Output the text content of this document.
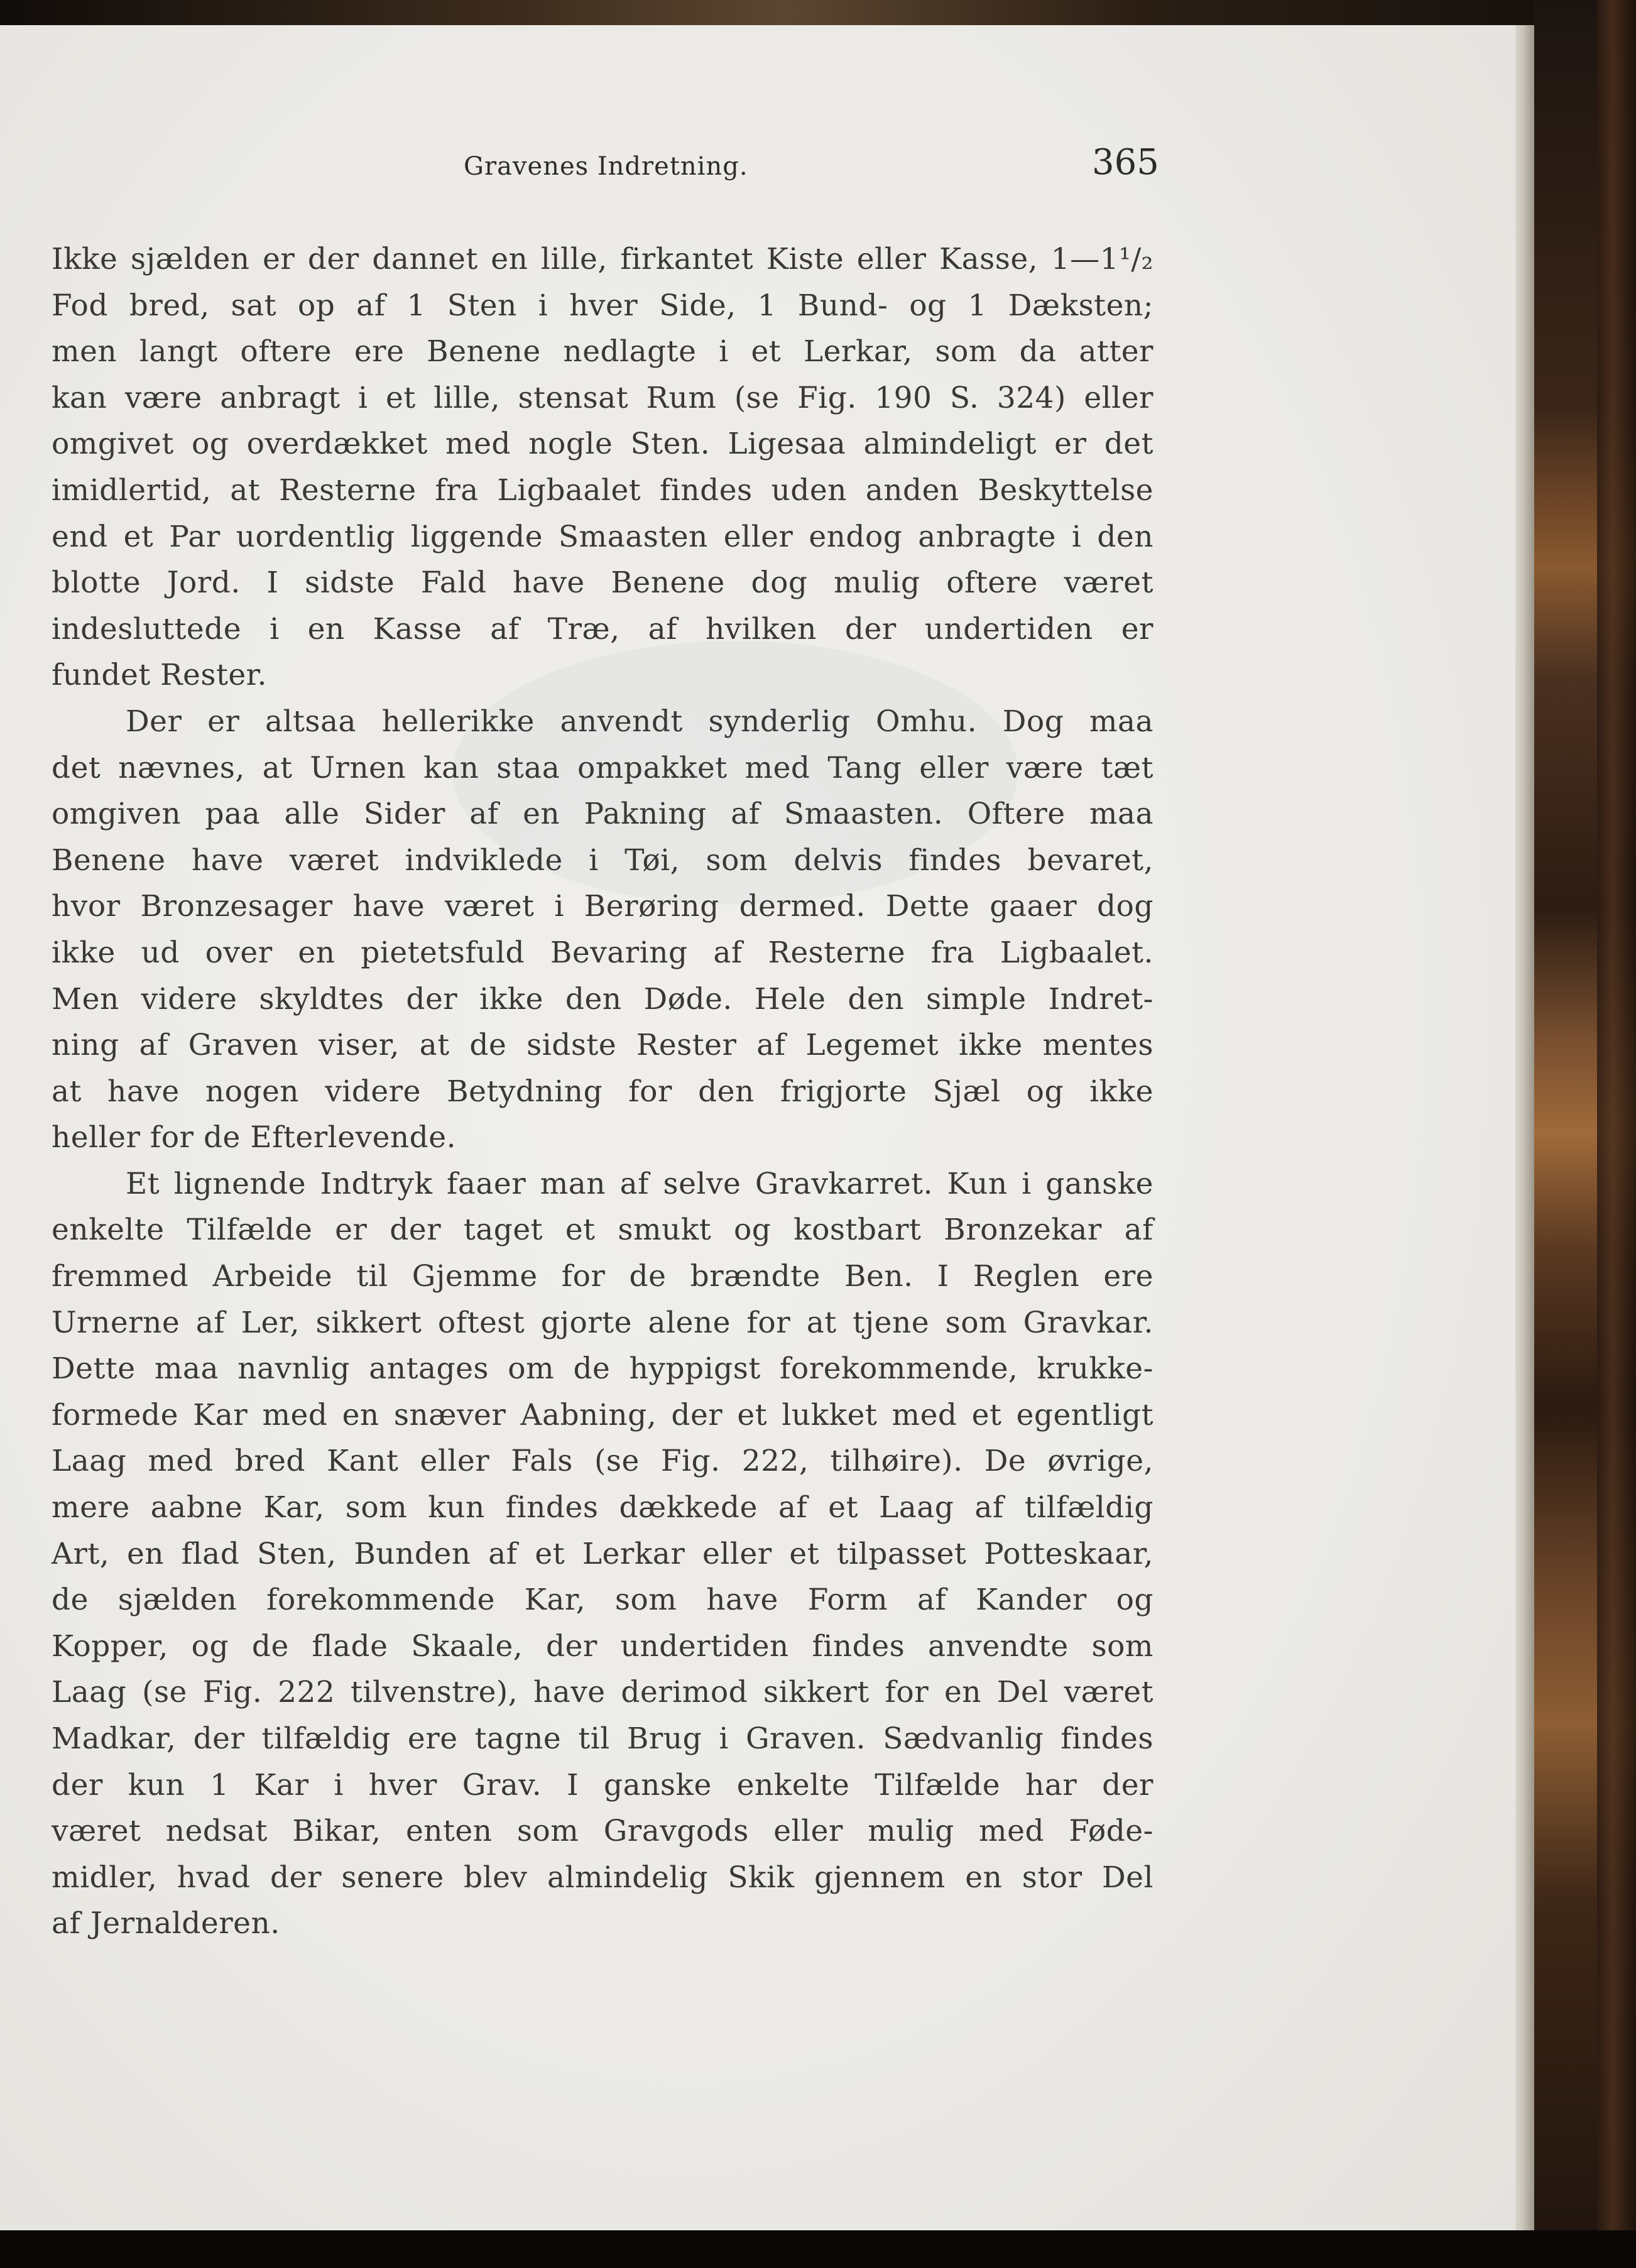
Gravenes Indretning.	365
Ikke sjælden er der dannet en lille, firkantet Kiste eller Kasse, 1—1¹/₂
Fod bred, sat op af 1 Sten i hver Side, 1 Bund- og 1 Dæksten;
men langt oftere ere Benene nedlagte i et Lerkar, som da atter
kan være anbragt i et lille, stensat Rum (se Fig. 190 S. 324) eller
omgivet og overdækket med nogle Sten. Ligesaa almindeligt er det
imidlertid, at Resterne fra Ligbaalet findes uden anden Beskyttelse
end et Par uordentlig liggende Smaasten eller endog anbragte i den
blotte Jord. I sidste Fald have Benene dog mulig oftere været
indesluttede i en Kasse af Træ, af hvilken der undertiden er
fundet Rester.
Der er altsaa hellerikke anvendt synderlig Omhu. Dog maa
det nævnes, at Urnen kan staa ompakket med Tang eller være tæt
omgiven paa alle Sider af en Pakning af Smaasten. Oftere maa
Benene have været indviklede i Tøi, som delvis findes bevaret,
hvor Bronzesager have været i Berøring dermed. Dette gaaer dog
ikke ud over en pietetsfuld Bevaring af Resterne fra Ligbaalet.
Men videre skyldtes der ikke den Døde. Hele den simple Indret-
ning af Graven viser, at de sidste Rester af Legemet ikke mentes
at have nogen videre Betydning for den frigjorte Sjæl og ikke
heller for de Efterlevende.
Et lignende Indtryk faaer man af selve Gravkarret. Kun i ganske
enkelte Tilfælde er der taget et smukt og kostbart Bronzekar af
fremmed Arbeide til Gjemme for de brændte Ben. I Reglen ere
Urnerne af Ler, sikkert oftest gjorte alene for at tjene som Gravkar.
Dette maa navnlig antages om de hyppigst forekommende, krukke-
formede Kar med en snæver Aabning, der et lukket med et egentligt
Laag med bred Kant eller Fals (se Fig. 222, tilhøire). De øvrige,
mere aabne Kar, som kun findes dækkede af et Laag af tilfældig
Art, en flad Sten, Bunden af et Lerkar eller et tilpasset Potteskaar,
de sjælden forekommende Kar, som have Form af Kander og
Kopper, og de flade Skaale, der undertiden findes anvendte som
Laag (se Fig. 222 tilvenstre), have derimod sikkert for en Del været
Madkar, der tilfældig ere tagne til Brug i Graven. Sædvanlig findes
der kun 1 Kar i hver Grav. I ganske enkelte Tilfælde har der
været nedsat Bikar, enten som Gravgods eller mulig med Føde-
midler, hvad der senere blev almindelig Skik gjennem en stor Del
af Jernalderen.
